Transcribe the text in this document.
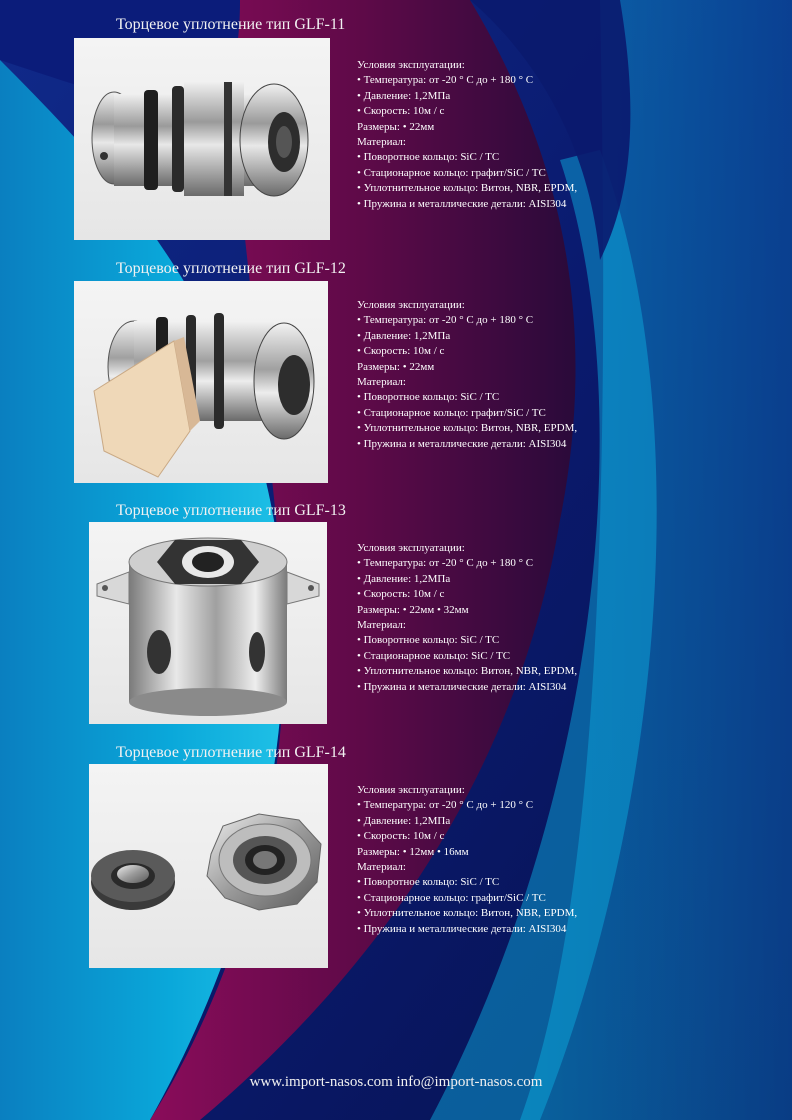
Торцевое уплотнение тип GLF-11
Условия эксплуатации:
• Температура: от -20 ° C до + 180 ° C
• Давление: 1,2МПа
• Скорость: 10м / с
Размеры: • 22мм
Материал:
• Поворотное кольцо: SiC / TC
• Стационарное кольцо: графит/SiC / TC
• Уплотнительное кольцо: Витон, NBR, EPDM,
• Пружина и металлические детали: AISI304
Торцевое уплотнение тип GLF-12
Условия эксплуатации:
• Температура: от -20 ° C до + 180 ° C
• Давление: 1,2МПа
• Скорость: 10м / с
Размеры: • 22мм
Материал:
• Поворотное кольцо: SiC / TC
• Стационарное кольцо: графит/SiC / TC
• Уплотнительное кольцо: Витон, NBR, EPDM,
• Пружина и металлические детали: AISI304
Торцевое уплотнение тип GLF-13
Условия эксплуатации:
• Температура: от -20 ° C до + 180 ° C
• Давление: 1,2МПа
• Скорость: 10м / с
Размеры: • 22мм • 32мм
Материал:
• Поворотное кольцо: SiC / TC
• Стационарное кольцо: SiC / TC
• Уплотнительное кольцо: Витон, NBR, EPDM,
• Пружина и металлические детали: AISI304
Торцевое уплотнение тип GLF-14
Условия эксплуатации:
• Температура: от -20 ° C до + 120 ° C
• Давление: 1,2МПа
• Скорость: 10м / с
Размеры: • 12мм • 16мм
Материал:
• Поворотное кольцо: SiC / TC
• Стационарное кольцо: графит/SiC / TC
• Уплотнительное кольцо: Витон, NBR, EPDM,
• Пружина и металлические детали: AISI304
www.import-nasos.com info@import-nasos.com
